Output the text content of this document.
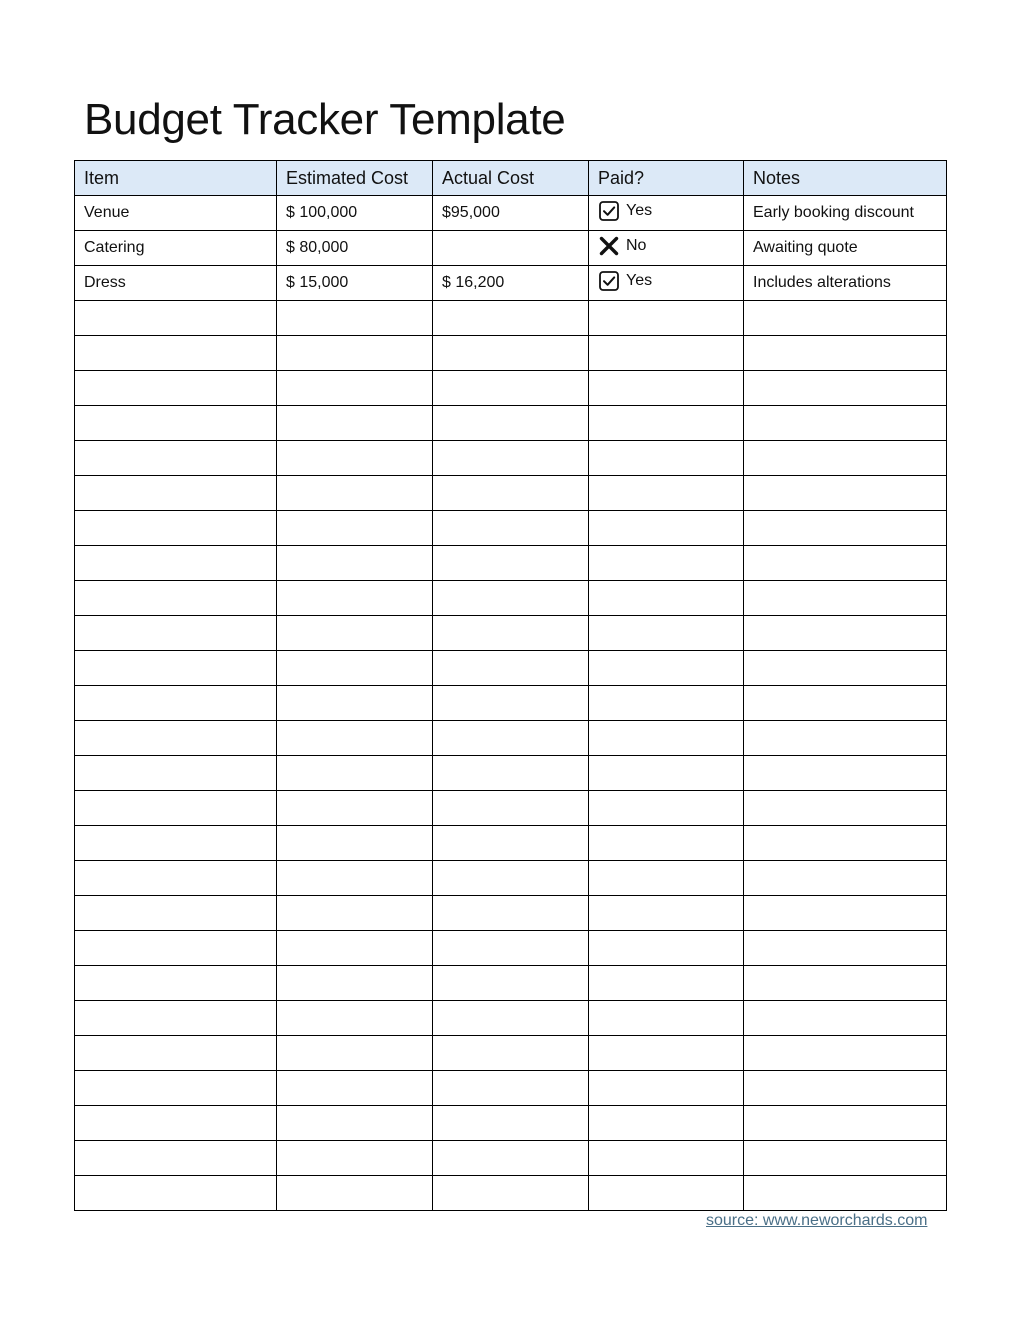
Budget Tracker Template
Item	Estimated Cost	Actual Cost	Paid?	Notes
Venue	$ 100,000	$95,000	Yes	Early booking discount
Catering	$ 80,000		No	Awaiting quote
Dress	$ 15,000	$ 16,200	Yes	Includes alterations

source: www.neworchards.com
